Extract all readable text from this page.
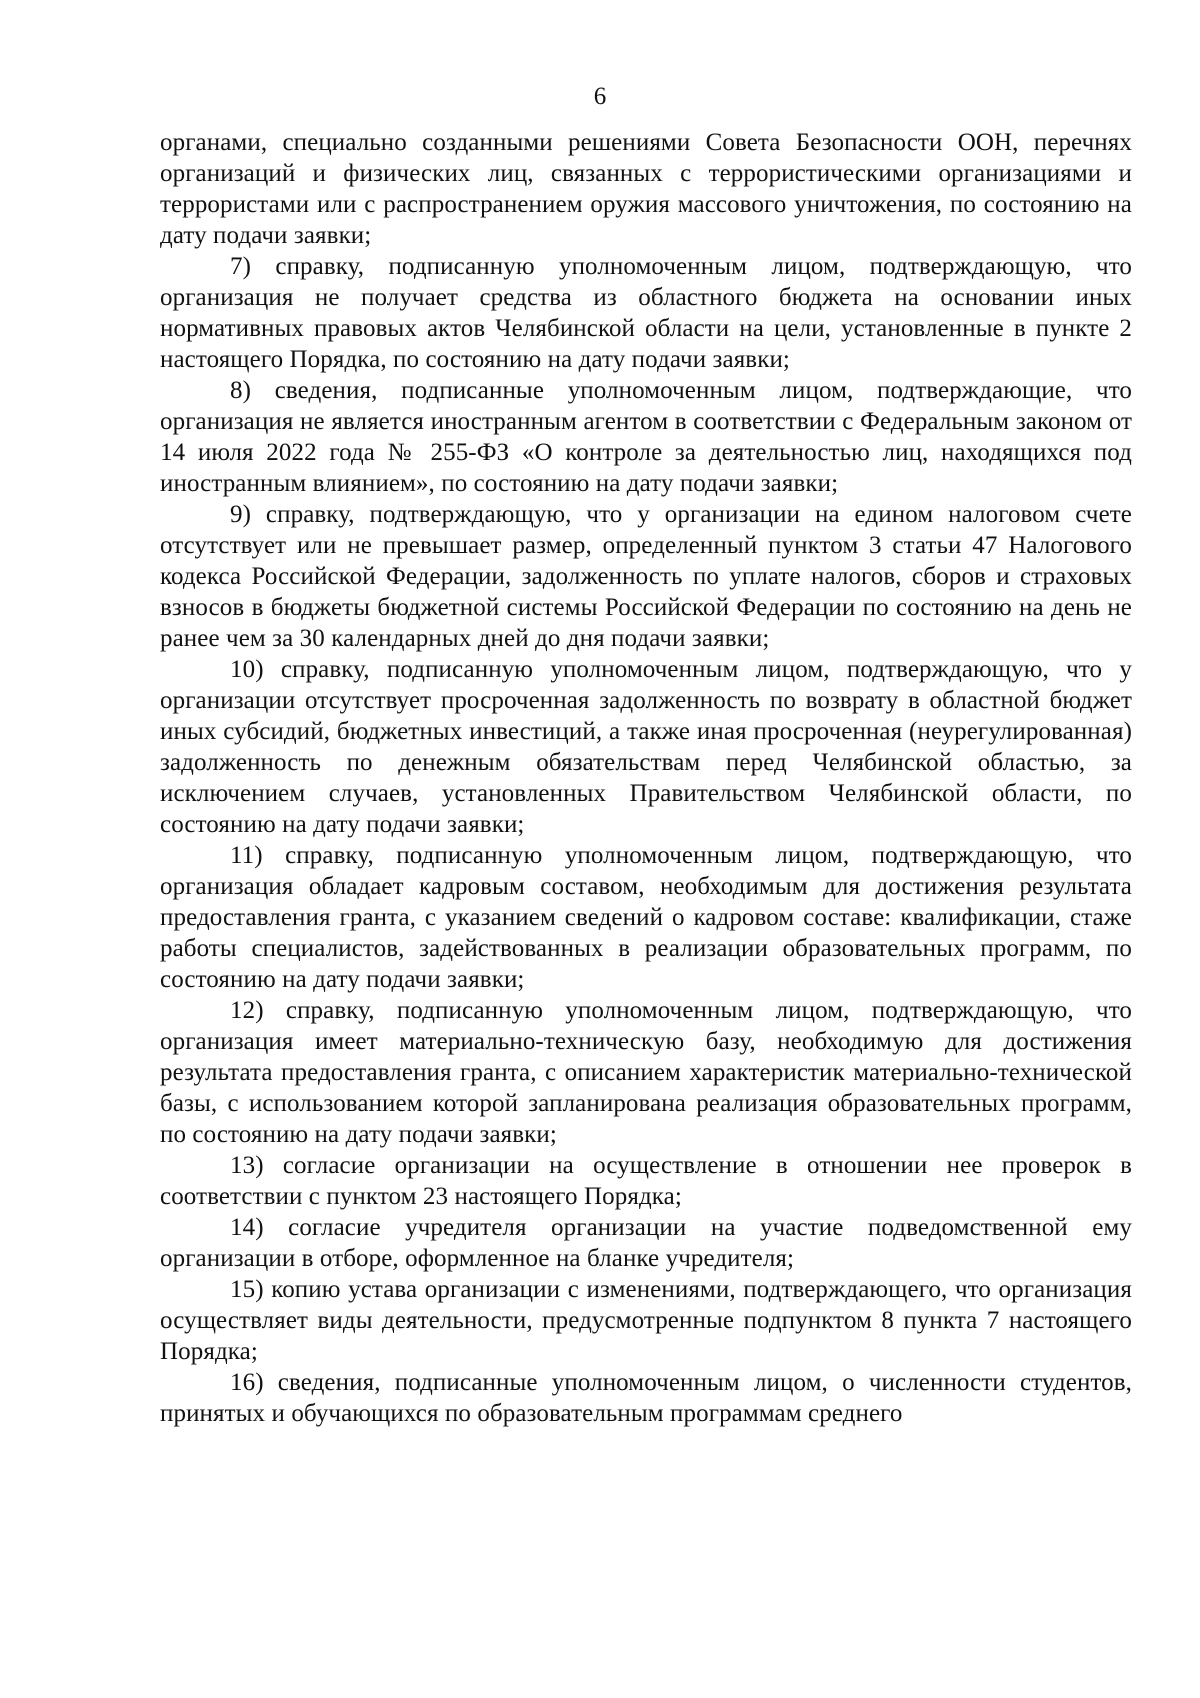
6

органами, специально созданными решениями Совета Безопасности ООН, перечнях организаций и физических лиц, связанных с террористическими организациями и террористами или с распространением оружия массового уничтожения, по состоянию на дату подачи заявки;

7) справку, подписанную уполномоченным лицом, подтверждающую, что организация не получает средства из областного бюджета на основании иных нормативных правовых актов Челябинской области на цели, установленные в пункте 2 настоящего Порядка, по состоянию на дату подачи заявки;

8) сведения, подписанные уполномоченным лицом, подтверждающие, что организация не является иностранным агентом в соответствии с Федеральным законом от 14 июля 2022 года № 255-ФЗ «О контроле за деятельностью лиц, находящихся под иностранным влиянием», по состоянию на дату подачи заявки;

9) справку, подтверждающую, что у организации на едином налоговом счете отсутствует или не превышает размер, определенный пунктом 3 статьи 47 Налогового кодекса Российской Федерации, задолженность по уплате налогов, сборов и страховых взносов в бюджеты бюджетной системы Российской Федерации по состоянию на день не ранее чем за 30 календарных дней до дня подачи заявки;

10) справку, подписанную уполномоченным лицом, подтверждающую, что у организации отсутствует просроченная задолженность по возврату в областной бюджет иных субсидий, бюджетных инвестиций, а также иная просроченная (неурегулированная) задолженность по денежным обязательствам перед Челябинской областью, за исключением случаев, установленных Правительством Челябинской области, по состоянию на дату подачи заявки;

11) справку, подписанную уполномоченным лицом, подтверждающую, что организация обладает кадровым составом, необходимым для достижения результата предоставления гранта, с указанием сведений о кадровом составе: квалификации, стаже работы специалистов, задействованных в реализации образовательных программ, по состоянию на дату подачи заявки;

12) справку, подписанную уполномоченным лицом, подтверждающую, что организация имеет материально-техническую базу, необходимую для достижения результата предоставления гранта, с описанием характеристик материально-технической базы, с использованием которой запланирована реализация образовательных программ, по состоянию на дату подачи заявки;

13) согласие организации на осуществление в отношении нее проверок в соответствии с пунктом 23 настоящего Порядка;

14) согласие учредителя организации на участие подведомственной ему организации в отборе, оформленное на бланке учредителя;

15) копию устава организации с изменениями, подтверждающего, что организация осуществляет виды деятельности, предусмотренные подпунктом 8 пункта 7 настоящего Порядка;

16) сведения, подписанные уполномоченным лицом, о численности студентов, принятых и обучающихся по образовательным программам среднего
